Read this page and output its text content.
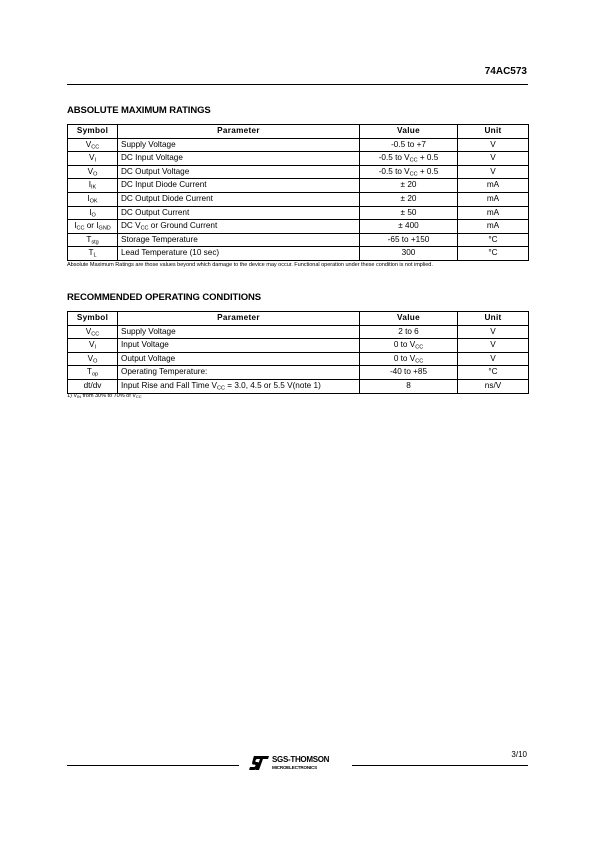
74AC573
ABSOLUTE MAXIMUM RATINGS
Symbol	Parameter	Value	Unit
$V_{CC}$	Supply Voltage	-0.5 to +7	V
$V_I$	DC Input Voltage	-0.5 to $V_{CC} + 0.5$	V
$V_O$	DC Output Voltage	-0.5 to $V_{CC} + 0.5$	V
$I_{IK}$	DC Input Diode Current	± 20	mA
$I_{OK}$	DC Output Diode Current	± 20	mA
$I_O$	DC Output Current	± 50	mA
$I_{CC}$ or $I_{GND}$	DC $V_{CC}$ or Ground Current	± 400	mA
$T_{stg}$	Storage Temperature	-65 to +150	°C
$T_L$	Lead Temperature (10 sec)	300	°C
Absolute Maximum Ratings are those values beyond which damage to the device may occur. Functional operation under these condition is not implied.
RECOMMENDED OPERATING CONDITIONS
Symbol	Parameter	Value	Unit
$V_{CC}$	Supply Voltage	2 to 6	V
$V_I$	Input Voltage	0 to $V_{CC}$	V
$V_O$	Output Voltage	0 to $V_{CC}$	V
$T_{op}$	Operating Temperature:	-40 to +85	°C
dt/dv	Input Rise and Fall Time $V_{CC} = 3.0$, 4.5 or 5.5 V(note 1)	8	ns/V
1) $V_{IN}$ from 30% to 70% of $V_{CC}$
3/10
SGS-THOMSON
MICROELECTRONICS
